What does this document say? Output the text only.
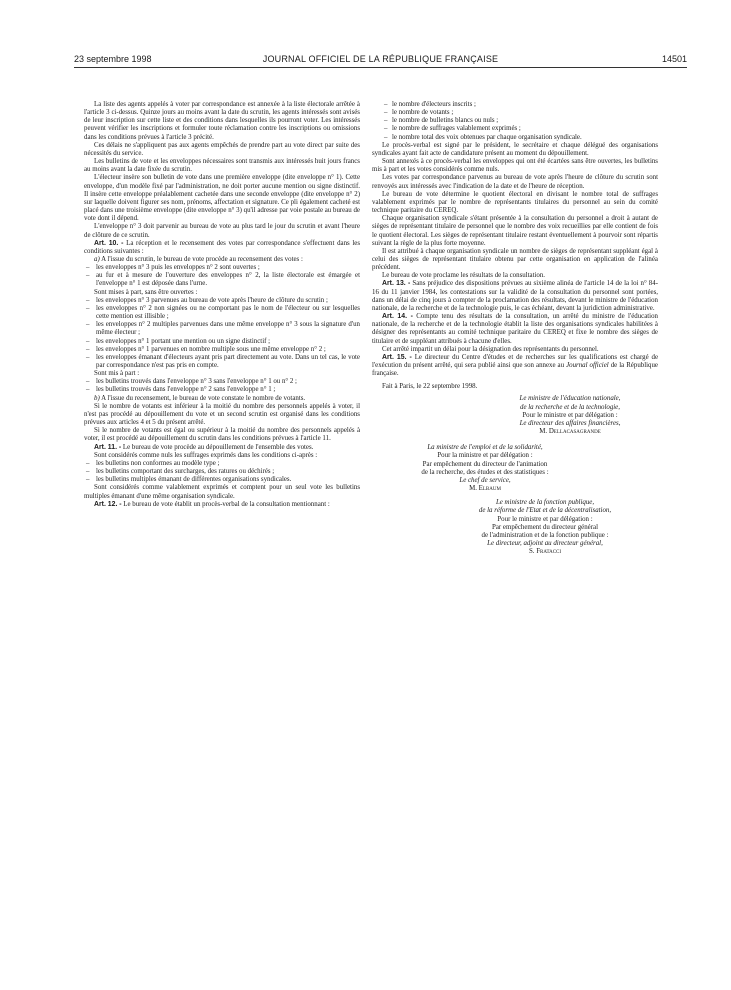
23 septembre 1998	JOURNAL OFFICIEL DE LA RÉPUBLIQUE FRANÇAISE	14501

La liste des agents appelés à voter par correspondance est annexée à la liste électorale arrêtée à l'article 3 ci-dessus. Quinze jours au moins avant la date du scrutin, les agents intéressés sont avisés de leur inscription sur cette liste et des conditions dans lesquelles ils pourront voter. Les intéressés peuvent vérifier les inscriptions et formuler toute réclamation contre les inscriptions ou omissions dans les conditions prévues à l'article 3 précité.

Ces délais ne s'appliquent pas aux agents empêchés de prendre part au vote direct par suite des nécessités du service.

Les bulletins de vote et les enveloppes nécessaires sont transmis aux intéressés huit jours francs au moins avant la date fixée du scrutin.

L'électeur insère son bulletin de vote dans une première enveloppe (dite enveloppe n° 1). Cette enveloppe, d'un modèle fixé par l'administration, ne doit porter aucune mention ou signe distinctif. Il insère cette enveloppe préalablement cachetée dans une seconde enveloppe (dite enveloppe n° 2) sur laquelle doivent figurer ses nom, prénoms, affectation et signature. Ce pli également cacheté est placé dans une troisième enveloppe (dite enveloppe n° 3) qu'il adresse par voie postale au bureau de vote dont il dépend.

L'enveloppe n° 3 doit parvenir au bureau de vote au plus tard le jour du scrutin et avant l'heure de clôture de ce scrutin.

Art. 10. - La réception et le recensement des votes par correspondance s'effectuent dans les conditions suivantes :

a) A l'issue du scrutin, le bureau de vote procède au recensement des votes :

– les enveloppes n° 3 puis les enveloppes n° 2 sont ouvertes ;

– au fur et à mesure de l'ouverture des enveloppes n° 2, la liste électorale est émargée et l'enveloppe n° 1 est déposée dans l'urne.

Sont mises à part, sans être ouvertes :

– les enveloppes n° 3 parvenues au bureau de vote après l'heure de clôture du scrutin ;

– les enveloppes n° 2 non signées ou ne comportant pas le nom de l'électeur ou sur lesquelles cette mention est illisible ;

– les enveloppes n° 2 multiples parvenues dans une même enveloppe n° 3 sous la signature d'un même électeur ;

– les enveloppes n° 1 portant une mention ou un signe distinctif ;

– les enveloppes n° 1 parvenues en nombre multiple sous une même enveloppe n° 2 ;

– les enveloppes émanant d'électeurs ayant pris part directement au vote. Dans un tel cas, le vote par correspondance n'est pas pris en compte.

Sont mis à part :

– les bulletins trouvés dans l'enveloppe n° 3 sans l'enveloppe n° 1 ou n° 2 ;

– les bulletins trouvés dans l'enveloppe n° 2 sans l'enveloppe n° 1 ;

b) A l'issue du recensement, le bureau de vote constate le nombre de votants.

Si le nombre de votants est inférieur à la moitié du nombre des personnels appelés à voter, il n'est pas procédé au dépouillement du vote et un second scrutin est organisé dans les conditions prévues aux articles 4 et 5 du présent arrêté.

Si le nombre de votants est égal ou supérieur à la moitié du nombre des personnels appelés à voter, il est procédé au dépouillement du scrutin dans les conditions prévues à l'article 11.

Art. 11. - Le bureau de vote procède au dépouillement de l'ensemble des votes.

Sont considérés comme nuls les suffrages exprimés dans les conditions ci-après :

– les bulletins non conformes au modèle type ;

– les bulletins comportant des surcharges, des ratures ou déchirés ;

– les bulletins multiples émanant de différentes organisations syndicales.

Sont considérés comme valablement exprimés et comptent pour un seul vote les bulletins multiples émanant d'une même organisation syndicale.

Art. 12. - Le bureau de vote établit un procès-verbal de la consultation mentionnant :

– le nombre d'électeurs inscrits ;

– le nombre de votants ;

– le nombre de bulletins blancs ou nuls ;

– le nombre de suffrages valablement exprimés ;

– le nombre total des voix obtenues par chaque organisation syndicale.

Le procès-verbal est signé par le président, le secrétaire et chaque délégué des organisations syndicales ayant fait acte de candidature présent au moment du dépouillement.

Sont annexés à ce procès-verbal les enveloppes qui ont été écartées sans être ouvertes, les bulletins mis à part et les votes considérés comme nuls.

Les votes par correspondance parvenus au bureau de vote après l'heure de clôture du scrutin sont renvoyés aux intéressés avec l'indication de la date et de l'heure de réception.

Le bureau de vote détermine le quotient électoral en divisant le nombre total de suffrages valablement exprimés par le nombre de représentants titulaires du personnel au sein du comité technique paritaire du CEREQ.

Chaque organisation syndicale s'étant présentée à la consultation du personnel a droit à autant de sièges de représentant titulaire de personnel que le nombre des voix recueillies par elle contient de fois le quotient électoral. Les sièges de représentant titulaire restant éventuellement à pourvoir sont répartis suivant la règle de la plus forte moyenne.

Il est attribué à chaque organisation syndicale un nombre de sièges de représentant suppléant égal à celui des sièges de représentant titulaire obtenu par cette organisation en application de l'alinéa précédent.

Le bureau de vote proclame les résultats de la consultation.

Art. 13. - Sans préjudice des dispositions prévues au sixième alinéa de l'article 14 de la loi n° 84-16 du 11 janvier 1984, les contestations sur la validité de la consultation du personnel sont portées, dans un délai de cinq jours à compter de la proclamation des résultats, devant le ministre de l'éducation nationale, de la recherche et de la technologie puis, le cas échéant, devant la juridiction administrative.

Art. 14. - Compte tenu des résultats de la consultation, un arrêté du ministre de l'éducation nationale, de la recherche et de la technologie établit la liste des organisations syndicales habilitées à désigner des représentants au comité technique paritaire du CEREQ et fixe le nombre des sièges de titulaire et de suppléant attribués à chacune d'elles.

Cet arrêté impartit un délai pour la désignation des représentants du personnel.

Art. 15. - Le directeur du Centre d'études et de recherches sur les qualifications est chargé de l'exécution du présent arrêté, qui sera publié ainsi que son annexe au Journal officiel de la République française.

Fait à Paris, le 22 septembre 1998.

Le ministre de l'éducation nationale,

de la recherche et de la technologie,

Pour le ministre et par délégation :

Le directeur des affaires financières,

M. Dellacasagrande

La ministre de l'emploi et de la solidarité,

Pour la ministre et par délégation :

Par empêchement du directeur de l'animation

de la recherche, des études et des statistiques :

Le chef de service,

M. Elbaum

Le ministre de la fonction publique,

de la réforme de l'Etat et de la décentralisation,

Pour le ministre et par délégation :

Par empêchement du directeur général

de l'administration et de la fonction publique :

Le directeur, adjoint au directeur général,

S. Fratacci
